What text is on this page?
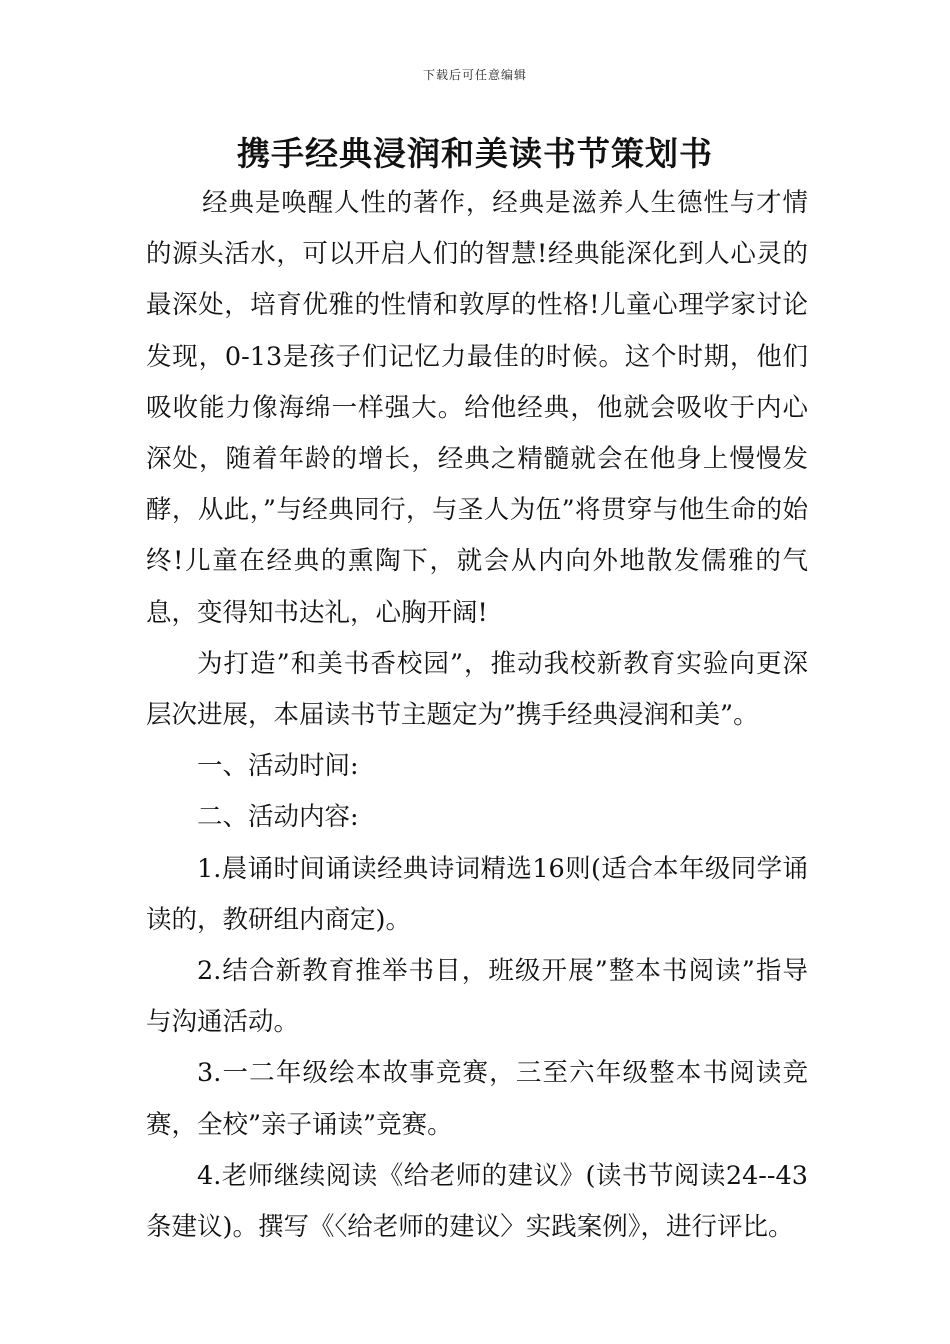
下载后可任意编辑
携手经典浸润和美读书节策划书

经典是唤醒人性的著作，经典是滋养人生德性与才情的源头活水，可以开启人们的智慧!经典能深化到人心灵的最深处，培育优雅的性情和敦厚的性格!儿童心理学家讨论发现，0-13是孩子们记忆力最佳的时候。这个时期，他们吸收能力像海绵一样强大。给他经典，他就会吸收于内心深处，随着年龄的增长，经典之精髓就会在他身上慢慢发酵，从此，”与经典同行，与圣人为伍”将贯穿与他生命的始终!儿童在经典的熏陶下，就会从内向外地散发儒雅的气息，变得知书达礼，心胸开阔!

为打造”和美书香校园”，推动我校新教育实验向更深层次进展，本届读书节主题定为”携手经典浸润和美”。

一、活动时间:

二、活动内容:

1.晨诵时间诵读经典诗词精选16则(适合本年级同学诵读的，教研组内商定)。

2.结合新教育推举书目，班级开展”整本书阅读”指导与沟通活动。

3.一二年级绘本故事竞赛，三至六年级整本书阅读竞赛，全校”亲子诵读”竞赛。

4.老师继续阅读《给老师的建议》(读书节阅读24--43条建议)。撰写《〈给老师的建议〉实践案例》，进行评比。
